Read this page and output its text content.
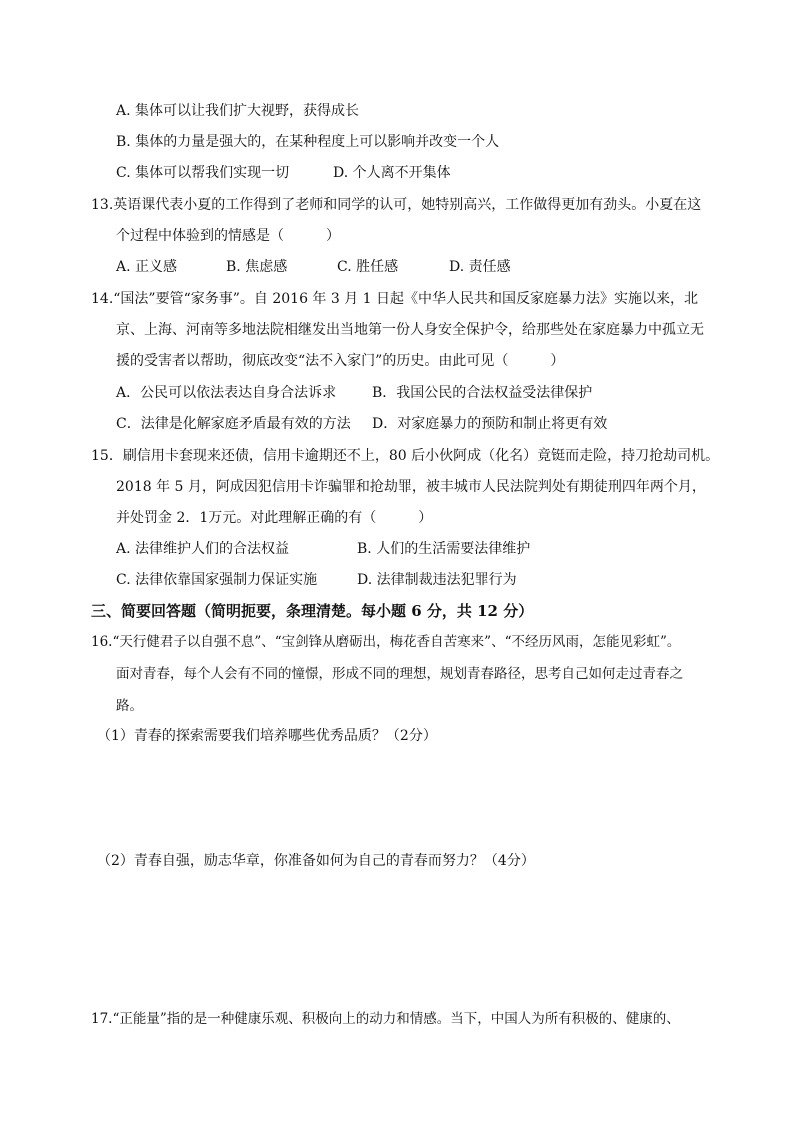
A. 集体可以让我们扩大视野，获得成长
B. 集体的力量是强大的，在某种程度上可以影响并改变一个人
C. 集体可以帮我们实现一切	D. 个人离不开集体
13.英语课代表小夏的工作得到了老师和同学的认可，她特别高兴，工作做得更加有劲头。小夏在这
个过程中体验到的情感是（　　　）
A. 正义感	B. 焦虑感	C. 胜任感	D. 责任感
14.“国法”要管“家务事”。自 2016 年 3 月 1 日起《中华人民共和国反家庭暴力法》实施以来，北
京、上海、河南等多地法院相继发出当地第一份人身安全保护令，给那些处在家庭暴力中孤立无
援的受害者以帮助，彻底改变“法不入家门”的历史。由此可见（　　　）
A．公民可以依法表达自身合法诉求	B．我国公民的合法权益受法律保护
C．法律是化解家庭矛盾最有效的方法	D．对家庭暴力的预防和制止将更有效
15．刷信用卡套现来还债，信用卡逾期还不上，80 后小伙阿成（化名）竟铤而走险，持刀抢劫司机。
2018 年 5 月，阿成因犯信用卡诈骗罪和抢劫罪，被丰城市人民法院判处有期徒刑四年两个月，
并处罚金 2．1万元。对此理解正确的有（　　　）
A. 法律维护人们的合法权益	B. 人们的生活需要法律维护
C. 法律依靠国家强制力保证实施	D. 法律制裁违法犯罪行为
三、简要回答题（简明扼要，条理清楚。每小题 6 分，共 12 分）
16.“天行健君子以自强不息”、“宝剑锋从磨砺出，梅花香自苦寒来”、“不经历风雨，怎能见彩虹”。
面对青春，每个人会有不同的憧憬，形成不同的理想，规划青春路径，思考自己如何走过青春之
路。
（1）青春的探索需要我们培养哪些优秀品质？（2分）
（2）青春自强，励志华章，你准备如何为自己的青春而努力？（4分）
17.“正能量”指的是一种健康乐观、积极向上的动力和情感。当下，中国人为所有积极的、健康的、
